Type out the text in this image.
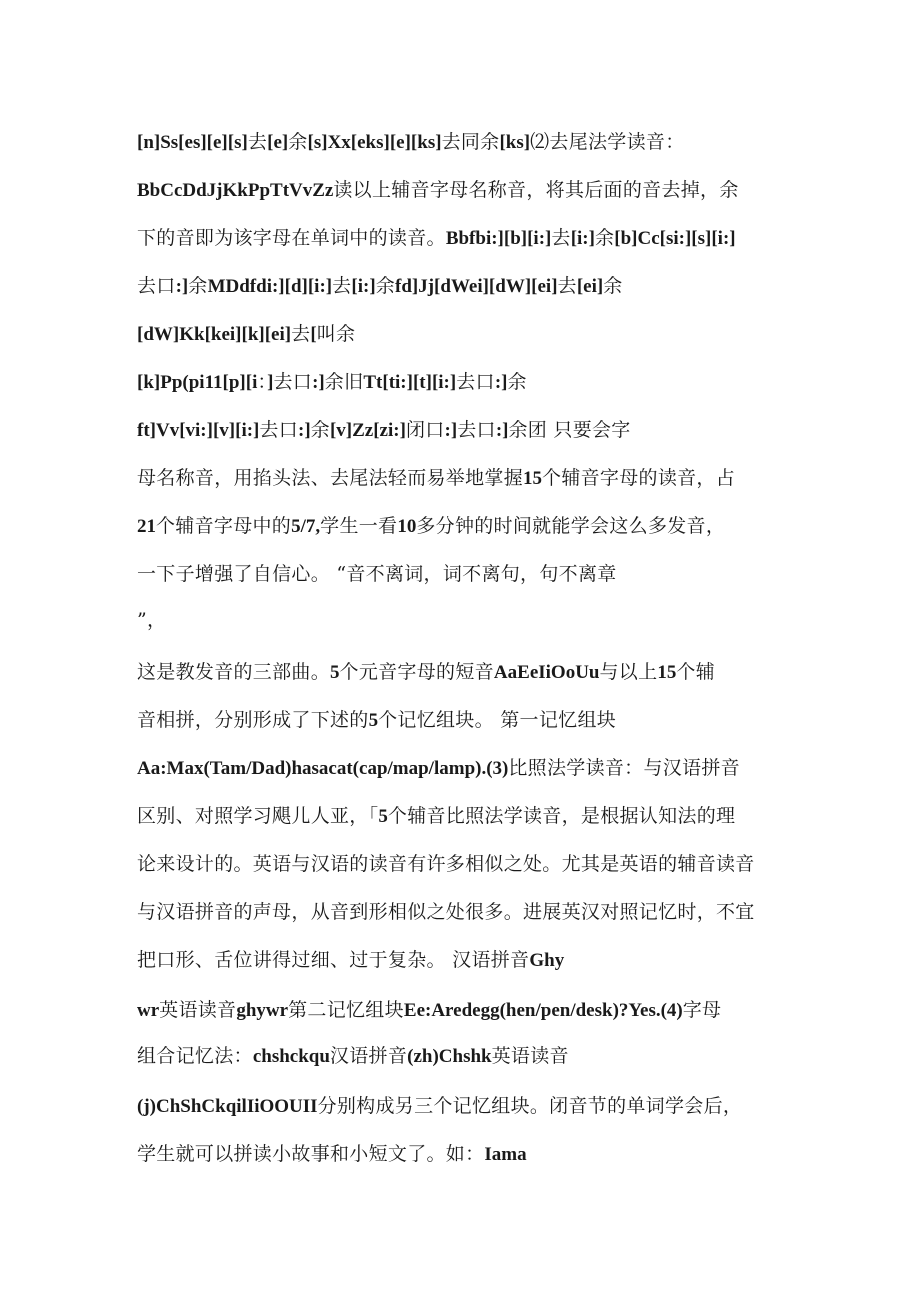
[n]Ss[es][e][s]去[e]余[s]Xx[eks][e][ks]去同余[ks]⑵去尾法学读音：
BbCcDdJjKkPpTtVvZz读以上辅音字母名称音，将其后面的音去掉，余
下的音即为该字母在单词中的读音。Bbfbi:][b][i:]去[i:]余[b]Cc[si:][s][i:]
去口:]余MDdfdi:][d][i:]去[i:]余fd]Jj[dWei][dW][ei]去[ei]余
[dW]Kk[kei][k][ei]去[叫余
[k]Pp(pi11[p][i：]去口:]余旧Tt[ti:][t][i:]去口:]余
ft]Vv[vi:][v][i:]去口:]余[v]Zz[zi:]闭口:]去口:]余团 只要会字
母名称音，用掐头法、去尾法轻而易举地掌握15个辅音字母的读音，占
21个辅音字母中的5/7,学生一看10多分钟的时间就能学会这么多发音，
一下子增强了自信心。 “音不离词，词不离句，句不离章
”，
这是教发音的三部曲。5个元音字母的短音AaEeIiOoUu与以上15个辅
音相拼，分别形成了下述的5个记忆组块。 第一记忆组块
Aa:Max(Tam/Dad)hasacat(cap/map/lamp).(3)比照法学读音：与汉语拼音
区别、对照学习飓儿人亚，「5个辅音比照法学读音，是根据认知法的理
论来设计的。英语与汉语的读音有许多相似之处。尤其是英语的辅音读音
与汉语拼音的声母，从音到形相似之处很多。进展英汉对照记忆时，不宜
把口形、舌位讲得过细、过于复杂。 汉语拼音Ghy
wr英语读音ghywr第二记忆组块Ee:Aredegg(hen/pen/desk)?Yes.(4)字母
组合记忆法：chshckqu汉语拼音(zh)Chshk英语读音
(j)ChShCkqilIiOOUII分别构成另三个记忆组块。闭音节的单词学会后，
学生就可以拼读小故事和小短文了。如：Iama
